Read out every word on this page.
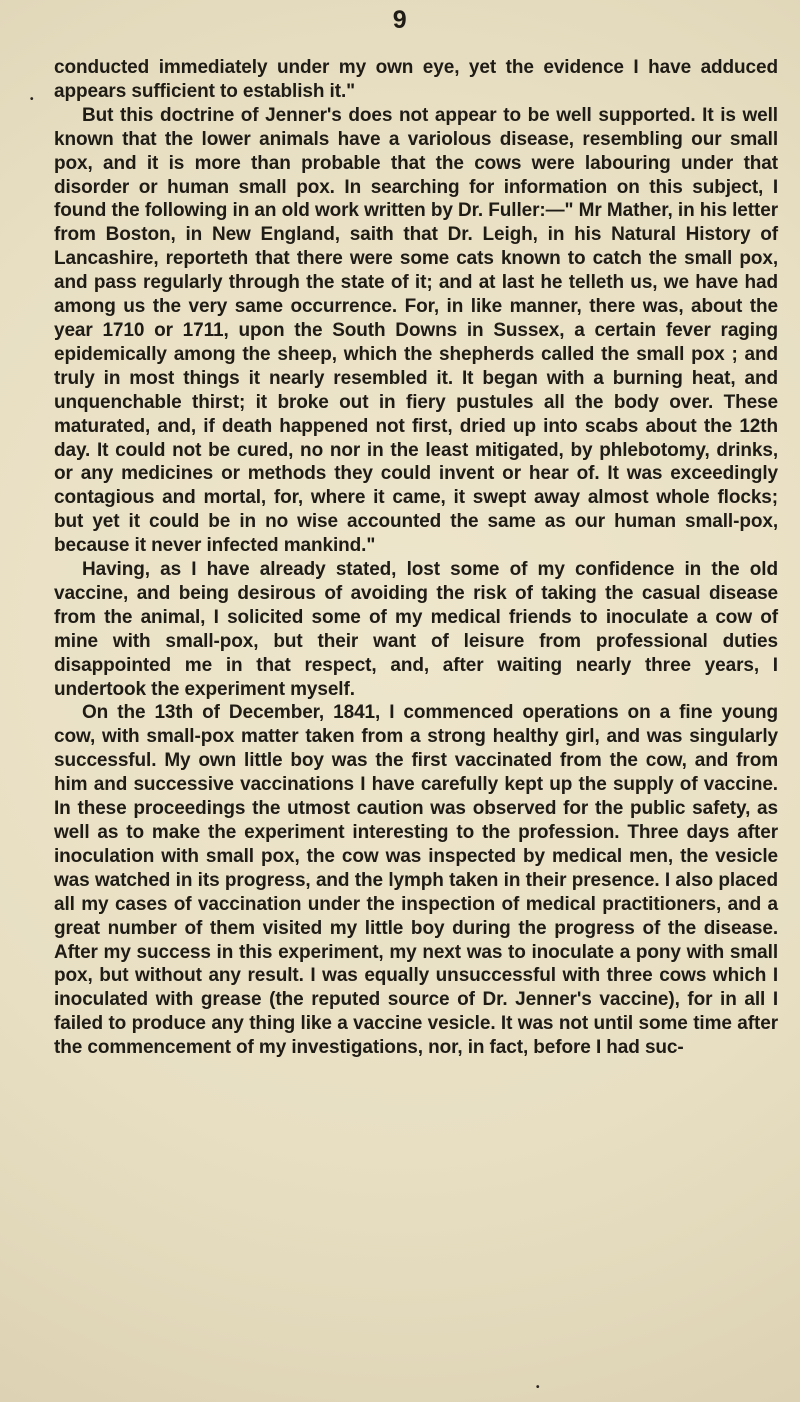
9
•

conducted immediately under my own eye, yet the evidence I have adduced appears sufficient to establish it."

But this doctrine of Jenner's does not appear to be well supported. It is well known that the lower animals have a variolous disease, resembling our small pox, and it is more than probable that the cows were labouring under that disorder or human small pox. In searching for information on this subject, I found the following in an old work written by Dr. Fuller:—" Mr Mather, in his letter from Boston, in New England, saith that Dr. Leigh, in his Natural History of Lancashire, reporteth that there were some cats known to catch the small pox, and pass regularly through the state of it; and at last he telleth us, we have had among us the very same occurrence. For, in like manner, there was, about the year 1710 or 1711, upon the South Downs in Sussex, a certain fever raging epidemically among the sheep, which the shepherds called the small pox ; and truly in most things it nearly resembled it. It began with a burning heat, and unquenchable thirst; it broke out in fiery pustules all the body over. These maturated, and, if death happened not first, dried up into scabs about the 12th day. It could not be cured, no nor in the least mitigated, by phlebotomy, drinks, or any medicines or methods they could invent or hear of. It was exceedingly contagious and mortal, for, where it came, it swept away almost whole flocks; but yet it could be in no wise accounted the same as our human small-pox, because it never infected mankind."

Having, as I have already stated, lost some of my confidence in the old vaccine, and being desirous of avoiding the risk of taking the casual disease from the animal, I solicited some of my medical friends to inoculate a cow of mine with small-pox, but their want of leisure from professional duties disappointed me in that respect, and, after waiting nearly three years, I undertook the experiment myself.

On the 13th of December, 1841, I commenced operations on a fine young cow, with small-pox matter taken from a strong healthy girl, and was singularly successful. My own little boy was the first vaccinated from the cow, and from him and successive vaccinations I have carefully kept up the supply of vaccine. In these proceedings the utmost caution was observed for the public safety, as well as to make the experiment interesting to the profession. Three days after inoculation with small pox, the cow was inspected by medical men, the vesicle was watched in its progress, and the lymph taken in their presence. I also placed all my cases of vaccination under the inspection of medical practitioners, and a great number of them visited my little boy during the progress of the disease. After my success in this experiment, my next was to inoculate a pony with small pox, but without any result. I was equally unsuccessful with three cows which I inoculated with grease (the reputed source of Dr. Jenner's vaccine), for in all I failed to produce any thing like a vaccine vesicle. It was not until some time after the commencement of my investigations, nor, in fact, before I had suc-

•
